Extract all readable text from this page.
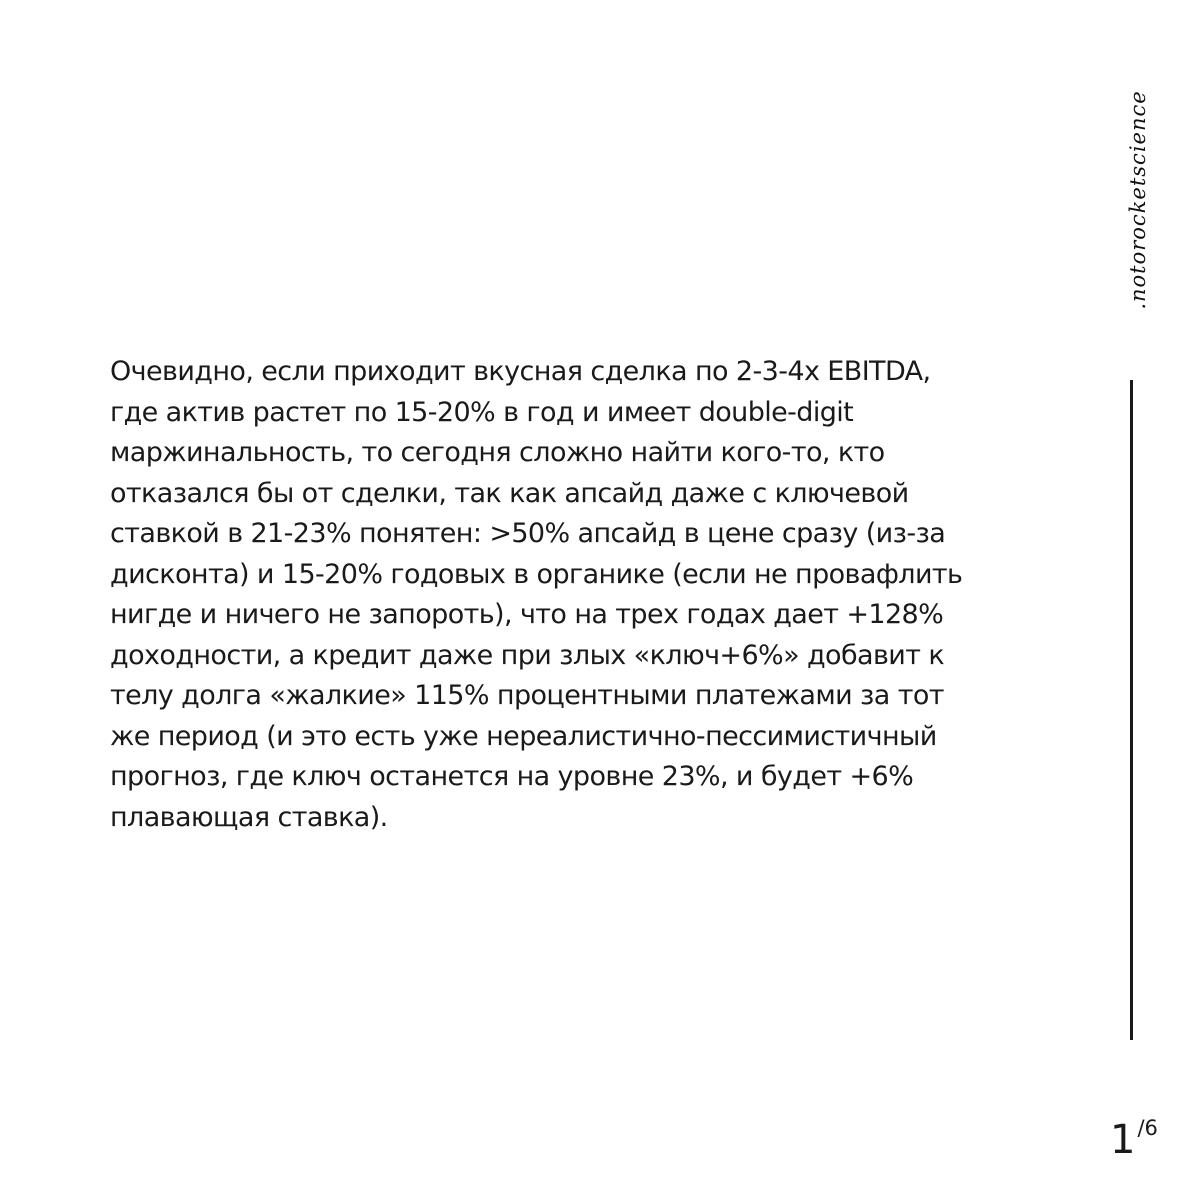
.notorocketscience
Очевидно, если приходит вкусная сделка по 2-3-4х EBITDA,
где актив растет по 15-20% в год и имеет double-digit
маржинальность, то сегодня сложно найти кого-то, кто
отказался бы от сделки, так как апсайд даже с ключевой
ставкой в 21-23% понятен: >50% апсайд в цене сразу (из-за
дисконта) и 15-20% годовых в органике (если не провафлить
нигде и ничего не запороть), что на трех годах дает +128%
доходности, а кредит даже при злых «ключ+6%» добавит к
телу долга «жалкие» 115% процентными платежами за тот
же период (и это есть уже нереалистично-пессимистичный
прогноз, где ключ останется на уровне 23%, и будет +6%
плавающая ставка).
1/6
